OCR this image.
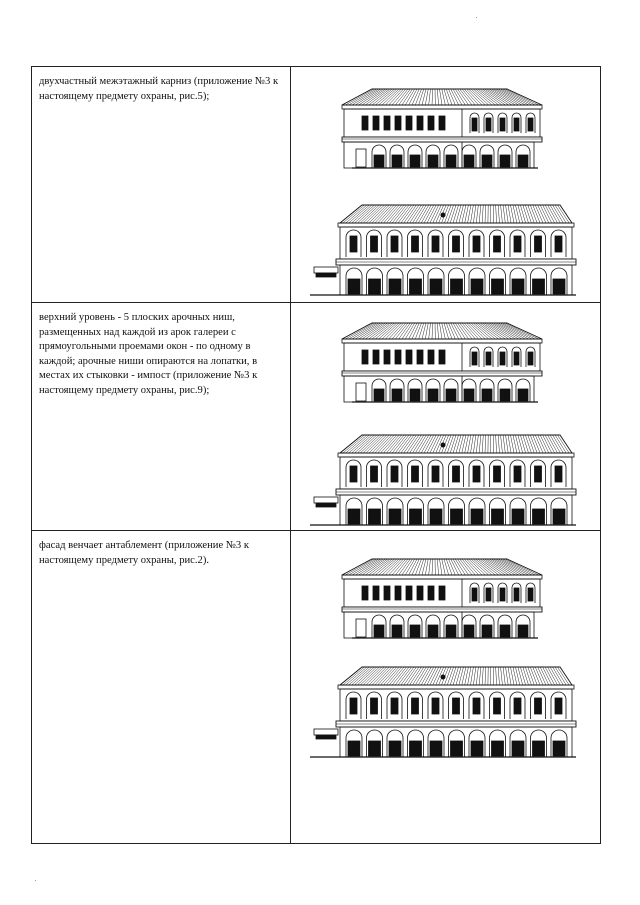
двухчастный межэтажный карниз (приложение №3 к настоящему предмету охраны, рис.5);
верхний уровень - 5 плоских арочных ниш, размещенных над каждой из арок галереи с прямоугольными проемами окон - по одному в каждой; арочные ниши опираются на лопатки, в местах их стыковки - импост (приложение №3 к настоящему предмету охраны, рис.9);
фасад венчает антаблемент (приложение №3 к настоящему предмету охраны, рис.2).
